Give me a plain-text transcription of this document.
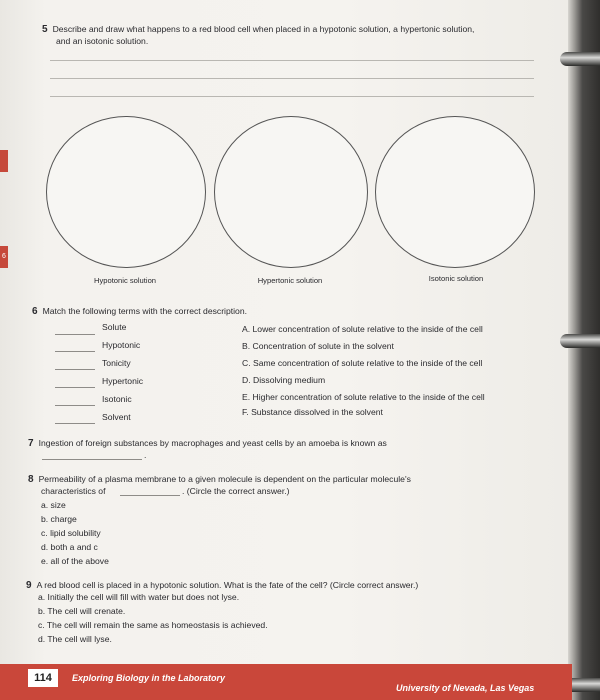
6
5 Describe and draw what happens to a red blood cell when placed in a hypotonic solution, a hypertonic solution,
and an isotonic solution.
Hypotonic solution	Hypertonic solution	Isotonic solution
6 Match the following terms with the correct description.
Solute
Hypotonic
Tonicity
Hypertonic
Isotonic
Solvent
A. Lower concentration of solute relative to the inside of the cell
B. Concentration of solute in the solvent
C. Same concentration of solute relative to the inside of the cell
D. Dissolving medium
E. Higher concentration of solute relative to the inside of the cell
F. Substance dissolved in the solvent
7 Ingestion of foreign substances by macrophages and yeast cells by an amoeba is known as
.
8 Permeability of a plasma membrane to a given molecule is dependent on the particular molecule's
characteristics of	. (Circle the correct answer.)
a. size
b. charge
c. lipid solubility
d. both a and c
e. all of the above
9 A red blood cell is placed in a hypotonic solution. What is the fate of the cell? (Circle correct answer.)
a. Initially the cell will fill with water but does not lyse.
b. The cell will crenate.
c. The cell will remain the same as homeostasis is achieved.
d. The cell will lyse.
114	Exploring Biology in the Laboratory
University of Nevada, Las Vegas
